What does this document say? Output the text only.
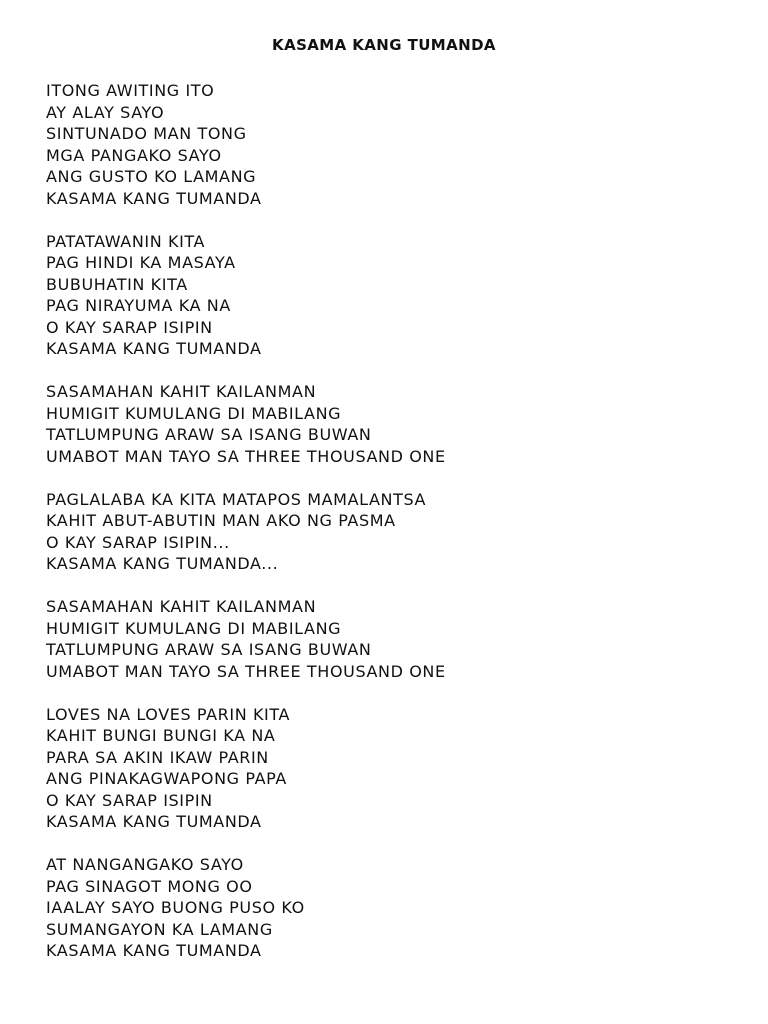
KASAMA KANG TUMANDA
ITONG AWITING ITO
AY ALAY SAYO
SINTUNADO MAN TONG
MGA PANGAKO SAYO
ANG GUSTO KO LAMANG
KASAMA KANG TUMANDA
PATATAWANIN KITA
PAG HINDI KA MASAYA
BUBUHATIN KITA
PAG NIRAYUMA KA NA
O KAY SARAP ISIPIN
KASAMA KANG TUMANDA
SASAMAHAN KAHIT KAILANMAN
HUMIGIT KUMULANG DI MABILANG
TATLUMPUNG ARAW SA ISANG BUWAN
UMABOT MAN TAYO SA THREE THOUSAND ONE
PAGLALABA KA KITA MATAPOS MAMALANTSA
KAHIT ABUT-ABUTIN MAN AKO NG PASMA
O KAY SARAP ISIPIN...
KASAMA KANG TUMANDA...
SASAMAHAN KAHIT KAILANMAN
HUMIGIT KUMULANG DI MABILANG
TATLUMPUNG ARAW SA ISANG BUWAN
UMABOT MAN TAYO SA THREE THOUSAND ONE
LOVES NA LOVES PARIN KITA
KAHIT BUNGI BUNGI KA NA
PARA SA AKIN IKAW PARIN
ANG PINAKAGWAPONG PAPA
O KAY SARAP ISIPIN
KASAMA KANG TUMANDA
AT NANGANGAKO SAYO
PAG SINAGOT MONG OO
IAALAY SAYO BUONG PUSO KO
SUMANGAYON KA LAMANG
KASAMA KANG TUMANDA
